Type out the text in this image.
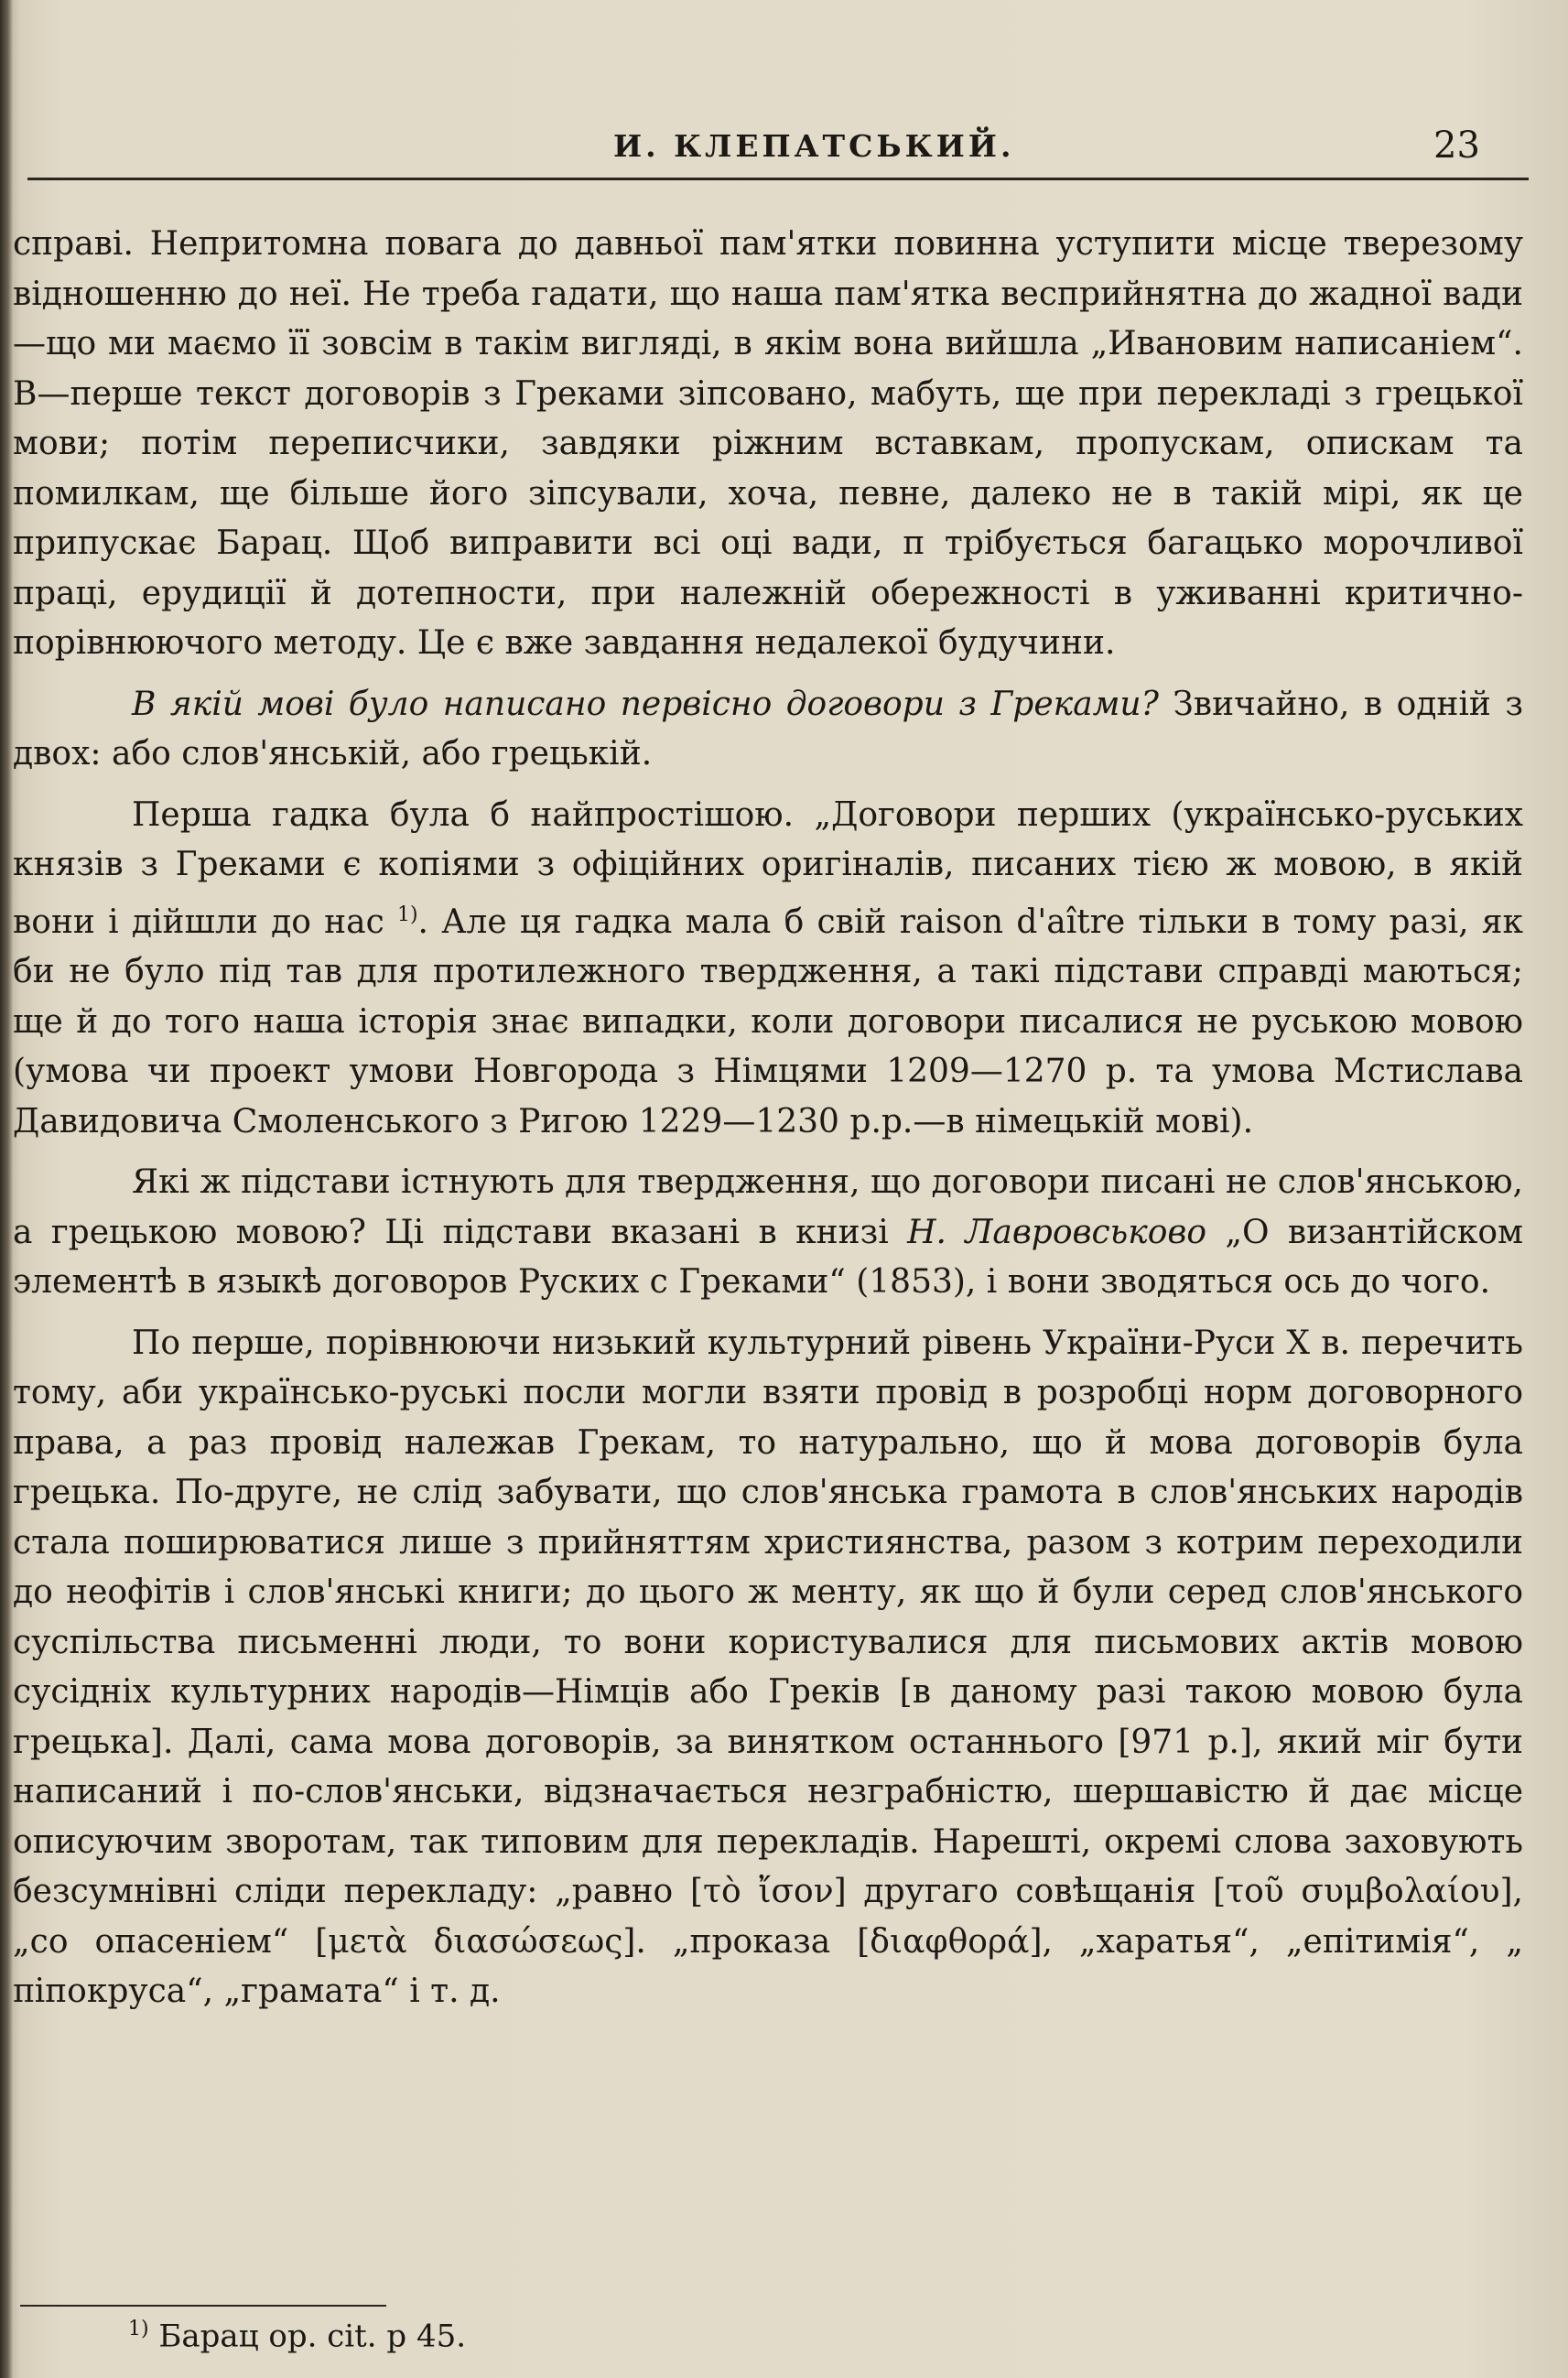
И. КЛЕПАТСЬКИЙ.	23

справі. Непритомна повага до давньої пам'ятки повинна уступити місце тверезому відношенню до неї. Не треба гадати, що наша пам'ятка весприйнятна до жадної вади—що ми маємо її зовсім в такім вигляді, в якім вона вийшла „Ивановим написаніем“. В—перше текст договорів з Греками зіпсовано, мабуть, ще при перекладі з грецької мови; потім переписчики, завдяки ріжним вставкам, пропускам, опискам та помилкам, ще більше його зіпсували, хоча, певне, далеко не в такій мірі, як це припускає Барац. Щоб виправити всі оці вади, п трібується багацько морочливої праці, ерудиції й дотепности, при належній обережності в уживанні критично-порівнюючого методу. Це є вже завдання недалекої будучини.

В якій мові було написано первісно договори з Греками? Звичайно, в одній з двох: або слов'янській, або грецькій.

Перша гадка була б найпростішою. „Договори перших (українсько-руських князів з Греками є копіями з офіційних оригіналів, писаних тією ж мовою, в якій вони і дійшли до нас $^{1)}$. Але ця гадка мала б свій raison d'aître тільки в тому разі, як би не було під тав для протилежного твердження, а такі підстави справді маються; ще й до того наша історія знає випадки, коли договори писалися не руською мовою (умова чи проект умови Новгорода з Німцями 1209—1270 р. та умова Мстислава Давидовича Смоленського з Ригою 1229—1230 р.р.—в німецькій мові).

Які ж підстави істнують для твердження, що договори писані не слов'янською, а грецькою мовою? Ці підстави вказані в книзі Н. Лавровськово „О византійском элементѣ в языкѣ договоров Руских с Греками“ (1853), і вони зводяться ось до чого.

По перше, порівнюючи низький культурний рівень України-Руси X в. перечить тому, аби українсько-руські посли могли взяти провід в розробці норм договорного права, а раз провід належав Грекам, то натурально, що й мова договорів була грецька. По-друге, не слід забувати, що слов'янська грамота в слов'янських народів стала поширюватися лише з прийняттям християнства, разом з котрим переходили до неофітів і слов'янські книги; до цього ж менту, як що й були серед слов'янського суспільства письменні люди, то вони користувалися для письмових актів мовою сусідніх культурних народів—Німців або Греків [в даному разі такою мовою була грецька]. Далі, сама мова договорів, за винятком останнього [971 р.], який міг бути написаний і по-слов'янськи, відзначається незграбністю, шершавістю й дає місце описуючим зворотам, так типовим для перекладів. Нарешті, окремі слова заховують безсумнівні сліди перекладу: „равно [τὸ ἴσον] другаго совѣщанія [τοῦ συμβολαίου], „со опасеніем“ [μετὰ διασώσεως]. „проказа [διαφθορά], „харатья“, „епітимія“, „ πіпокруса“, „грамата“ і т. д.

$^{1)}$ Барац op. cit. p 45.
